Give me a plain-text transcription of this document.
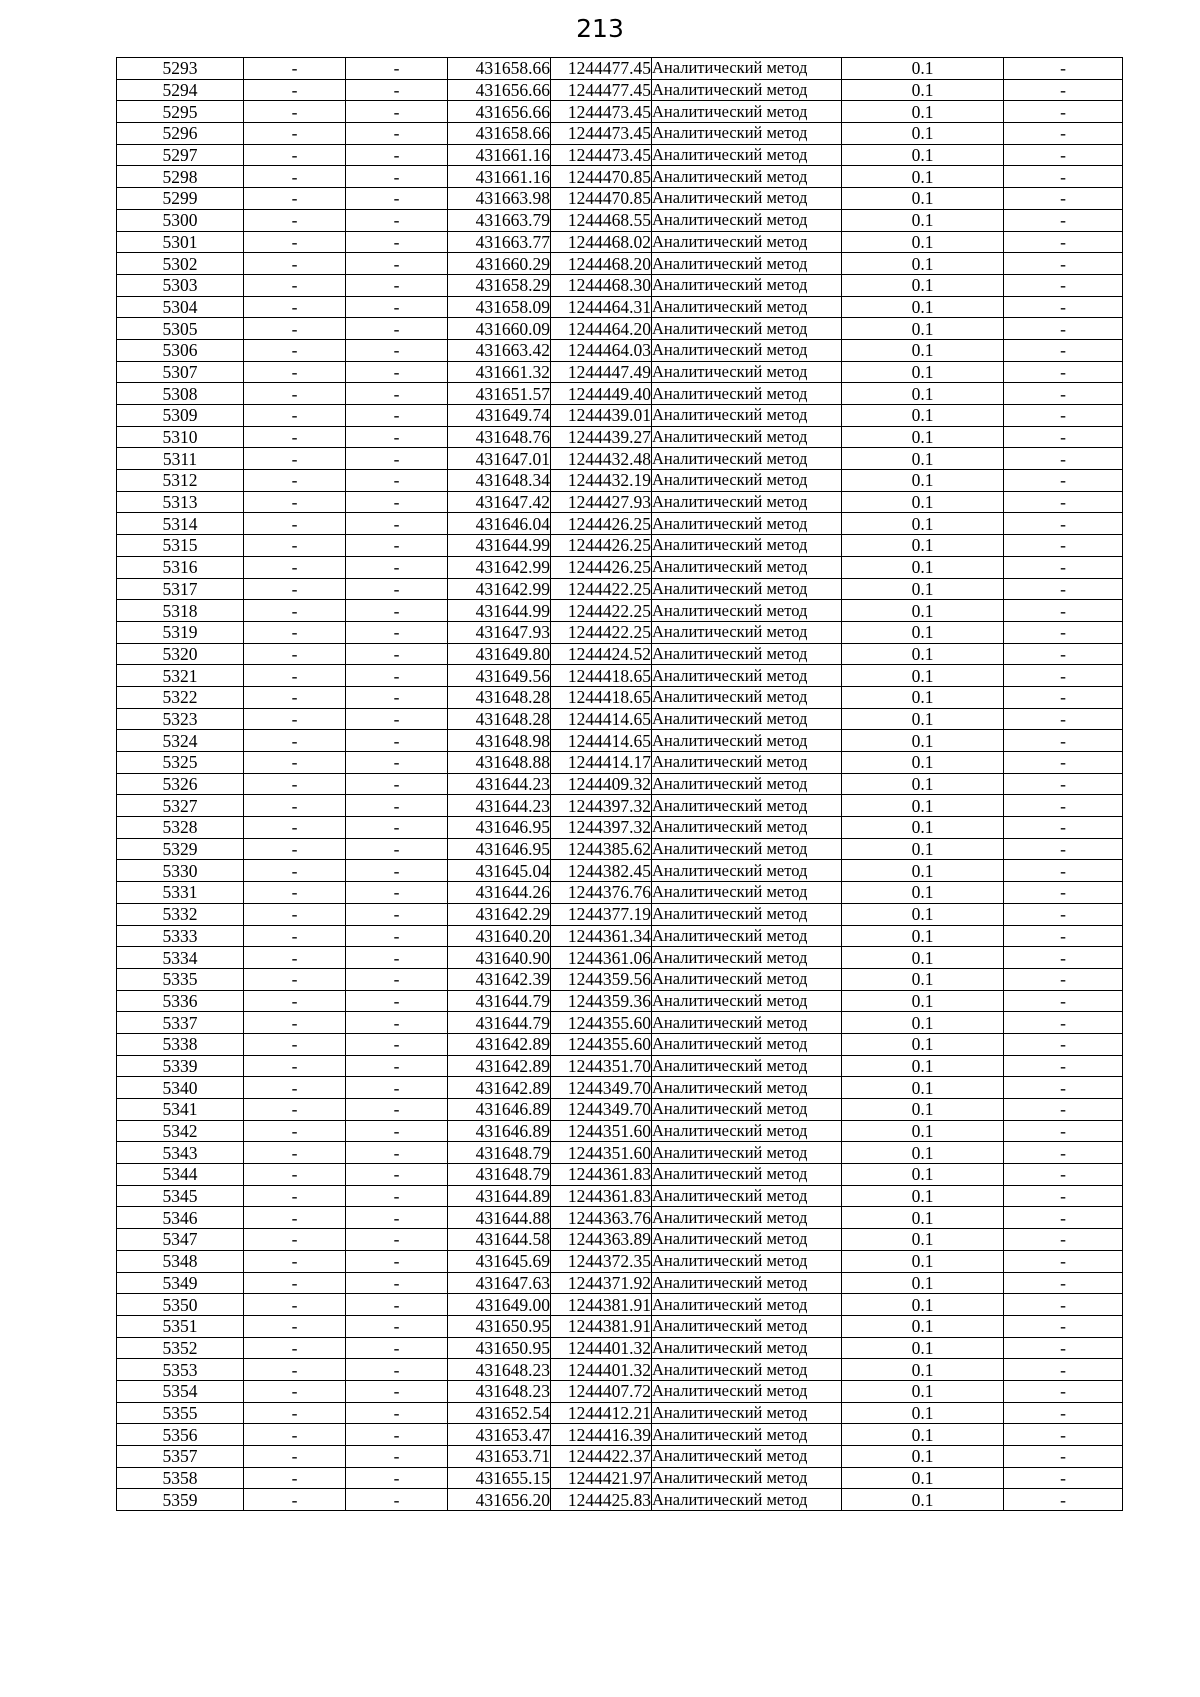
213
5293	-	-	431658.66	1244477.45	Аналитический метод	0.1	-
5294	-	-	431656.66	1244477.45	Аналитический метод	0.1	-
5295	-	-	431656.66	1244473.45	Аналитический метод	0.1	-
5296	-	-	431658.66	1244473.45	Аналитический метод	0.1	-
5297	-	-	431661.16	1244473.45	Аналитический метод	0.1	-
5298	-	-	431661.16	1244470.85	Аналитический метод	0.1	-
5299	-	-	431663.98	1244470.85	Аналитический метод	0.1	-
5300	-	-	431663.79	1244468.55	Аналитический метод	0.1	-
5301	-	-	431663.77	1244468.02	Аналитический метод	0.1	-
5302	-	-	431660.29	1244468.20	Аналитический метод	0.1	-
5303	-	-	431658.29	1244468.30	Аналитический метод	0.1	-
5304	-	-	431658.09	1244464.31	Аналитический метод	0.1	-
5305	-	-	431660.09	1244464.20	Аналитический метод	0.1	-
5306	-	-	431663.42	1244464.03	Аналитический метод	0.1	-
5307	-	-	431661.32	1244447.49	Аналитический метод	0.1	-
5308	-	-	431651.57	1244449.40	Аналитический метод	0.1	-
5309	-	-	431649.74	1244439.01	Аналитический метод	0.1	-
5310	-	-	431648.76	1244439.27	Аналитический метод	0.1	-
5311	-	-	431647.01	1244432.48	Аналитический метод	0.1	-
5312	-	-	431648.34	1244432.19	Аналитический метод	0.1	-
5313	-	-	431647.42	1244427.93	Аналитический метод	0.1	-
5314	-	-	431646.04	1244426.25	Аналитический метод	0.1	-
5315	-	-	431644.99	1244426.25	Аналитический метод	0.1	-
5316	-	-	431642.99	1244426.25	Аналитический метод	0.1	-
5317	-	-	431642.99	1244422.25	Аналитический метод	0.1	-
5318	-	-	431644.99	1244422.25	Аналитический метод	0.1	-
5319	-	-	431647.93	1244422.25	Аналитический метод	0.1	-
5320	-	-	431649.80	1244424.52	Аналитический метод	0.1	-
5321	-	-	431649.56	1244418.65	Аналитический метод	0.1	-
5322	-	-	431648.28	1244418.65	Аналитический метод	0.1	-
5323	-	-	431648.28	1244414.65	Аналитический метод	0.1	-
5324	-	-	431648.98	1244414.65	Аналитический метод	0.1	-
5325	-	-	431648.88	1244414.17	Аналитический метод	0.1	-
5326	-	-	431644.23	1244409.32	Аналитический метод	0.1	-
5327	-	-	431644.23	1244397.32	Аналитический метод	0.1	-
5328	-	-	431646.95	1244397.32	Аналитический метод	0.1	-
5329	-	-	431646.95	1244385.62	Аналитический метод	0.1	-
5330	-	-	431645.04	1244382.45	Аналитический метод	0.1	-
5331	-	-	431644.26	1244376.76	Аналитический метод	0.1	-
5332	-	-	431642.29	1244377.19	Аналитический метод	0.1	-
5333	-	-	431640.20	1244361.34	Аналитический метод	0.1	-
5334	-	-	431640.90	1244361.06	Аналитический метод	0.1	-
5335	-	-	431642.39	1244359.56	Аналитический метод	0.1	-
5336	-	-	431644.79	1244359.36	Аналитический метод	0.1	-
5337	-	-	431644.79	1244355.60	Аналитический метод	0.1	-
5338	-	-	431642.89	1244355.60	Аналитический метод	0.1	-
5339	-	-	431642.89	1244351.70	Аналитический метод	0.1	-
5340	-	-	431642.89	1244349.70	Аналитический метод	0.1	-
5341	-	-	431646.89	1244349.70	Аналитический метод	0.1	-
5342	-	-	431646.89	1244351.60	Аналитический метод	0.1	-
5343	-	-	431648.79	1244351.60	Аналитический метод	0.1	-
5344	-	-	431648.79	1244361.83	Аналитический метод	0.1	-
5345	-	-	431644.89	1244361.83	Аналитический метод	0.1	-
5346	-	-	431644.88	1244363.76	Аналитический метод	0.1	-
5347	-	-	431644.58	1244363.89	Аналитический метод	0.1	-
5348	-	-	431645.69	1244372.35	Аналитический метод	0.1	-
5349	-	-	431647.63	1244371.92	Аналитический метод	0.1	-
5350	-	-	431649.00	1244381.91	Аналитический метод	0.1	-
5351	-	-	431650.95	1244381.91	Аналитический метод	0.1	-
5352	-	-	431650.95	1244401.32	Аналитический метод	0.1	-
5353	-	-	431648.23	1244401.32	Аналитический метод	0.1	-
5354	-	-	431648.23	1244407.72	Аналитический метод	0.1	-
5355	-	-	431652.54	1244412.21	Аналитический метод	0.1	-
5356	-	-	431653.47	1244416.39	Аналитический метод	0.1	-
5357	-	-	431653.71	1244422.37	Аналитический метод	0.1	-
5358	-	-	431655.15	1244421.97	Аналитический метод	0.1	-
5359	-	-	431656.20	1244425.83	Аналитический метод	0.1	-
